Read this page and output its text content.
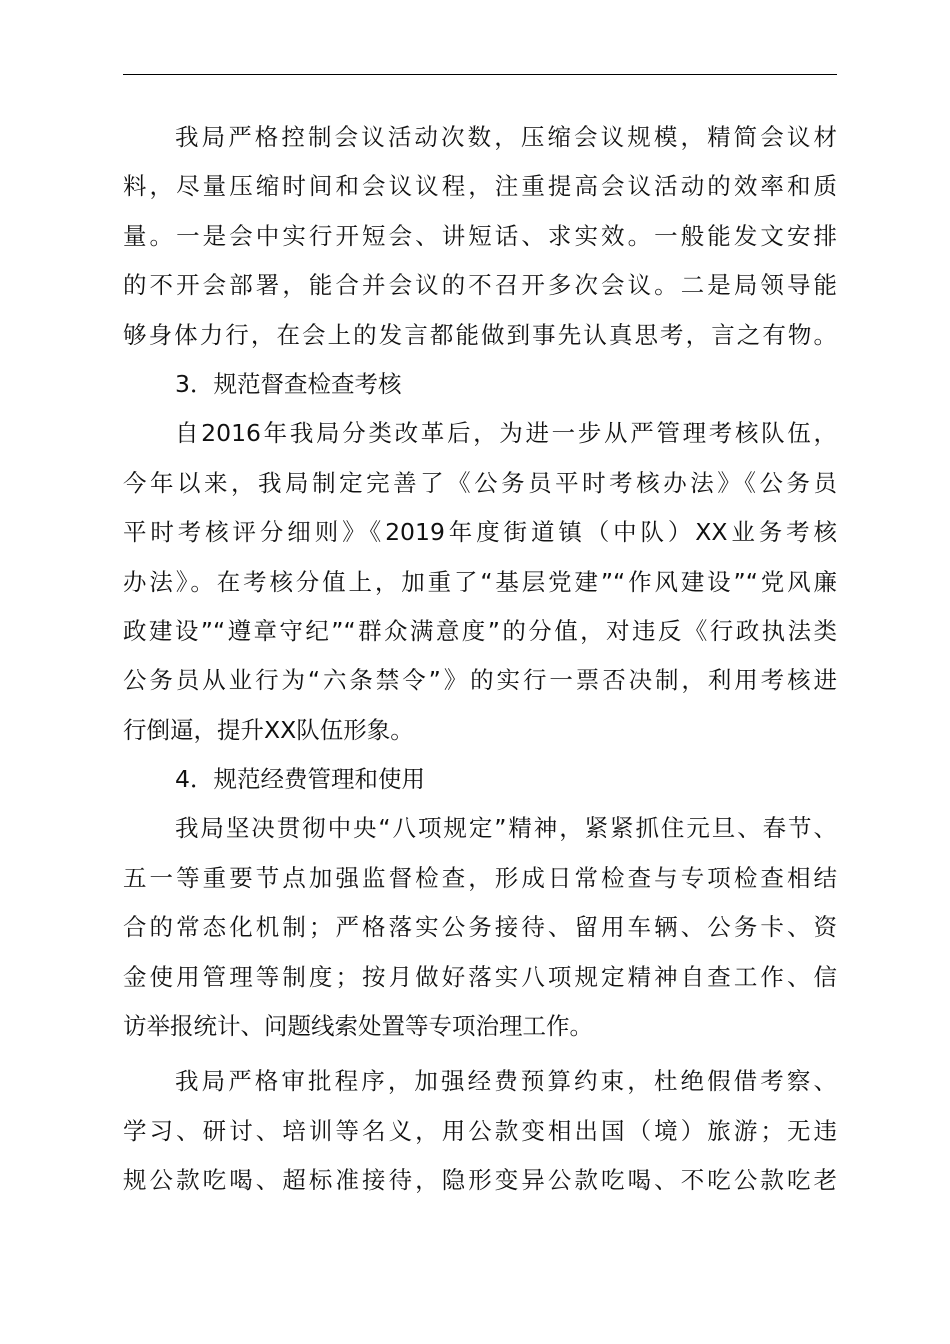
我局严格控制会议活动次数，压缩会议规模，精简会议材
料，尽量压缩时间和会议议程，注重提高会议活动的效率和质
量。一是会中实行开短会、讲短话、求实效。一般能发文安排
的不开会部署，能合并会议的不召开多次会议。二是局领导能
够身体力行，在会上的发言都能做到事先认真思考，言之有物。
3．规范督查检查考核
自2016年我局分类改革后，为进一步从严管理考核队伍，
今年以来，我局制定完善了《公务员平时考核办法》《公务员
平时考核评分细则》《2019年度街道镇（中队）XX业务考核
办法》。在考核分值上，加重了“基层党建”“作风建设”“党风廉
政建设”“遵章守纪”“群众满意度”的分值，对违反《行政执法类
公务员从业行为“六条禁令”》的实行一票否决制，利用考核进
行倒逼，提升XX队伍形象。
4．规范经费管理和使用
我局坚决贯彻中央“八项规定”精神，紧紧抓住元旦、春节、
五一等重要节点加强监督检查，形成日常检查与专项检查相结
合的常态化机制；严格落实公务接待、留用车辆、公务卡、资
金使用管理等制度；按月做好落实八项规定精神自查工作、信
访举报统计、问题线索处置等专项治理工作。
我局严格审批程序，加强经费预算约束，杜绝假借考察、
学习、研讨、培训等名义，用公款变相出国（境）旅游；无违
规公款吃喝、超标准接待，隐形变异公款吃喝、不吃公款吃老
